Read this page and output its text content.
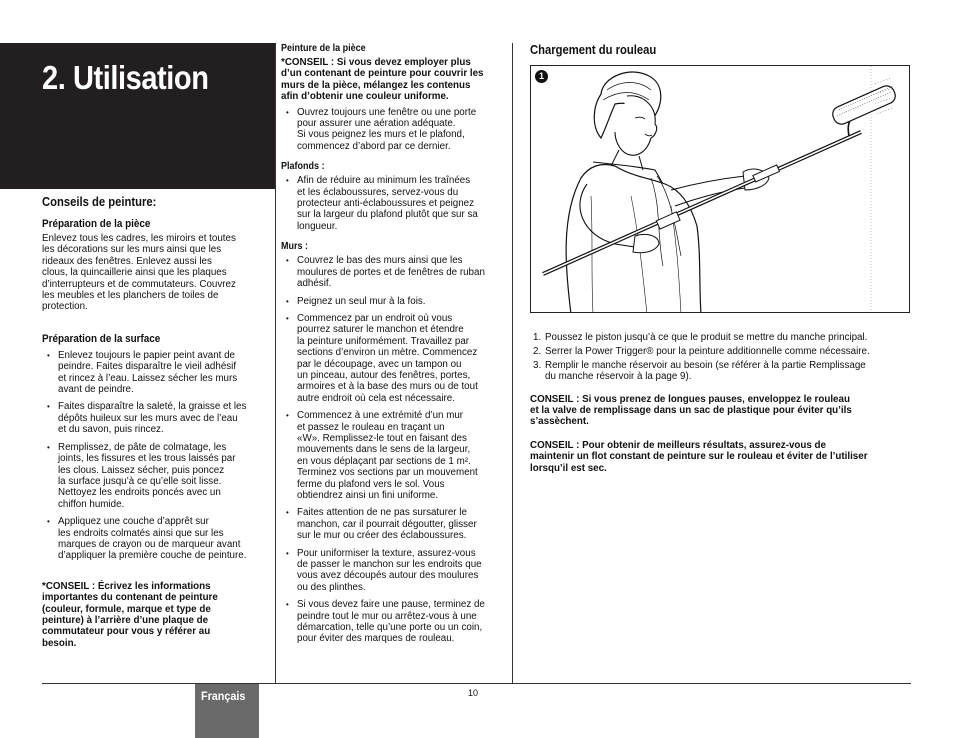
2. Utilisation
Conseils de peinture:
Préparation de la pièce

Enlevez tous les cadres, les miroirs et toutes
les décorations sur les murs ainsi que les
rideaux des fenêtres. Enlevez aussi les
clous, la quincaillerie ainsi que les plaques
d’interrupteurs et de commutateurs. Couvrez
les meubles et les planchers de toiles de
protection.

Préparation de la surface
• Enlevez toujours le papier peint avant de
peindre. Faites disparaître le vieil adhésif
et rincez à l’eau. Laissez sécher les murs
avant de peindre.
• Faites disparaître la saleté, la graisse et les
dépôts huileux sur les murs avec de l’eau
et du savon, puis rincez.
• Remplissez, de pâte de colmatage, les
joints, les fissures et les trous laissés par
les clous. Laissez sécher, puis poncez
la surface jusqu’à ce qu’elle soit lisse.
Nettoyez les endroits poncés avec un
chiffon humide.
• Appliquez une couche d’apprêt sur
les endroits colmatés ainsi que sur les
marques de crayon ou de marqueur avant
d’appliquer la première couche de peinture.

*CONSEIL : Écrivez les informations
importantes du contenant de peinture
(couleur, formule, marque et type de
peinture) à l’arrière d’une plaque de
commutateur pour vous y référer au
besoin.

Peinture de la pièce

*CONSEIL : Si vous devez employer plus
d’un contenant de peinture pour couvrir les
murs de la pièce, mélangez les contenus
afin d’obtenir une couleur uniforme.

• Ouvrez toujours une fenêtre ou une porte
pour assurer une aération adéquate.
Si vous peignez les murs et le plafond,
commencez d’abord par ce dernier.
Plafonds :
• Afin de réduire au minimum les traînées
et les éclaboussures, servez-vous du
protecteur anti-éclaboussures et peignez
sur la largeur du plafond plutôt que sur sa
longueur.
Murs :
• Couvrez le bas des murs ainsi que les
moulures de portes et de fenêtres de ruban
adhésif.
• Peignez un seul mur à la fois.
• Commencez par un endroit où vous
pourrez saturer le manchon et étendre
la peinture uniformément. Travaillez par
sections d’environ un mètre. Commencez
par le découpage, avec un tampon ou
un pinceau, autour des fenêtres, portes,
armoires et à la base des murs ou de tout
autre endroit où cela est nécessaire.
• Commencez à une extrémité d’un mur
et passez le rouleau en traçant un
«W». Remplissez-le tout en faisant des
mouvements dans le sens de la largeur,
en vous déplaçant par sections de 1 m².
Terminez vos sections par un mouvement
ferme du plafond vers le sol. Vous
obtiendrez ainsi un fini uniforme.
• Faites attention de ne pas sursaturer le
manchon, car il pourrait dégoutter, glisser
sur le mur ou créer des éclaboussures.
• Pour uniformiser la texture, assurez-vous
de passer le manchon sur les endroits que
vous avez découpés autour des moulures
ou des plinthes.
• Si vous devez faire une pause, terminez de
peindre tout le mur ou arrêtez-vous à une
démarcation, telle qu’une porte ou un coin,
pour éviter des marques de rouleau.
Chargement du rouleau
1
1. Poussez le piston jusqu’à ce que le produit se mettre du manche principal.
2. Serrer la Power Trigger® pour la peinture additionnelle comme nécessaire.
3. Remplir le manche réservoir au besoin (se référer à la partie Remplissage
du manche réservoir à la page 9).

CONSEIL : Si vous prenez de longues pauses, enveloppez le rouleau
et la valve de remplissage dans un sac de plastique pour éviter qu’ils
s’assèchent.

CONSEIL : Pour obtenir de meilleurs résultats, assurez-vous de
maintenir un flot constant de peinture sur le rouleau et éviter de l’utiliser
lorsqu’il est sec.

Français	10
